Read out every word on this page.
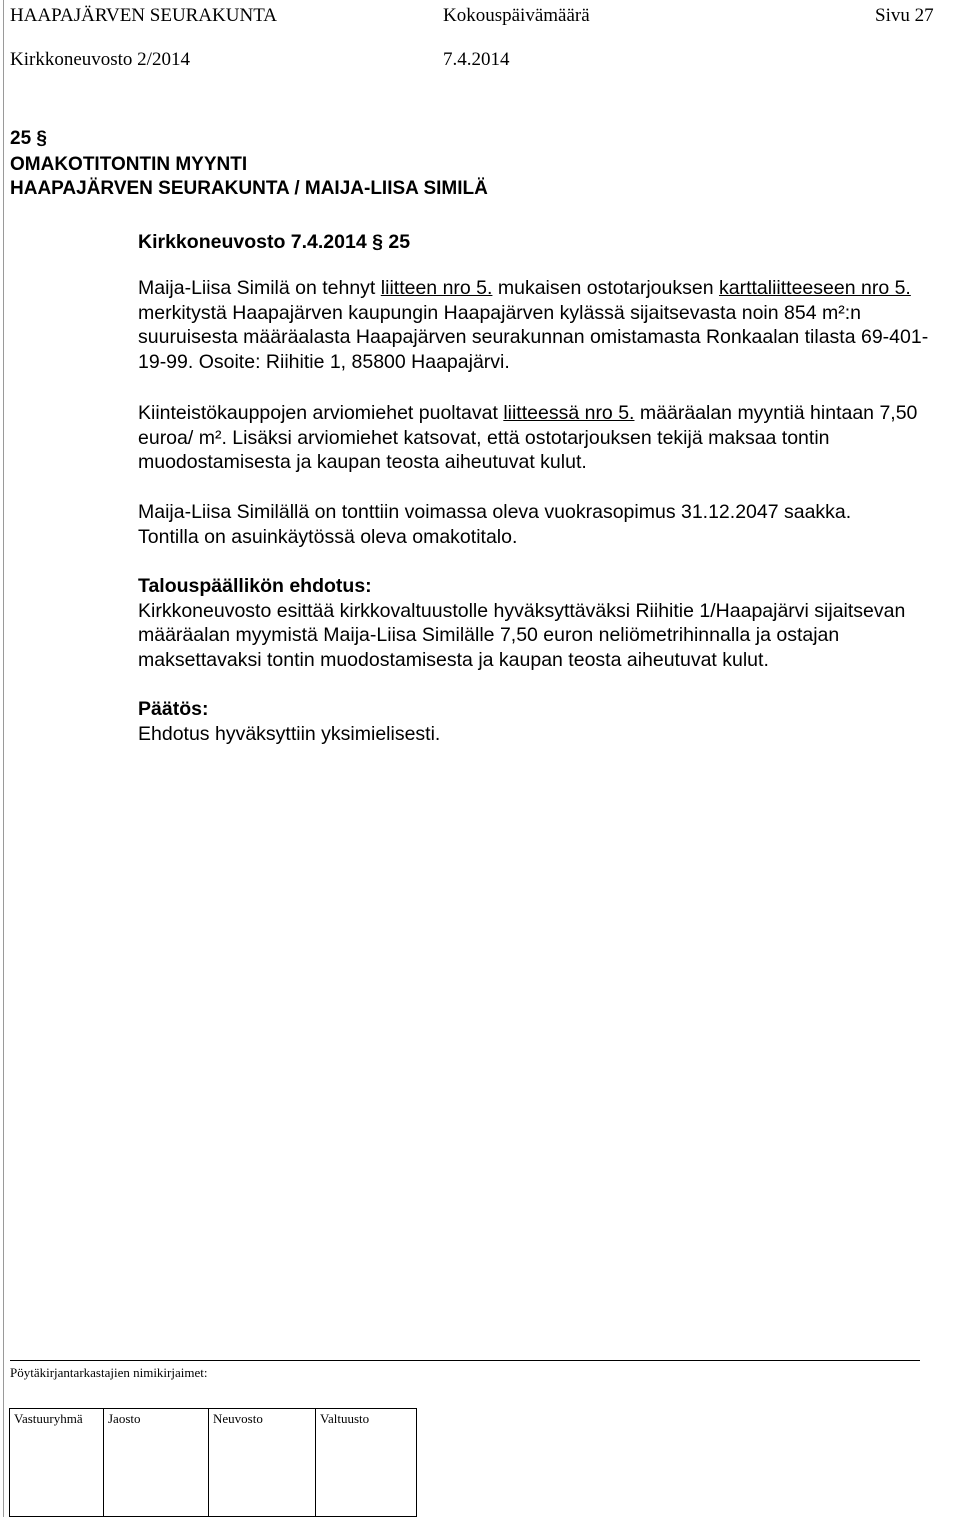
HAAPAJÄRVEN SEURAKUNTA	Kokouspäivämäärä	Sivu 27
Kirkkoneuvosto 2/2014	7.4.2014
25 §
OMAKOTITONTIN MYYNTI
HAAPAJÄRVEN SEURAKUNTA / MAIJA-LIISA SIMILÄ
Kirkkoneuvosto 7.4.2014 § 25

Maija-Liisa Similä on tehnyt liitteen nro 5. mukaisen ostotarjouksen karttaliitteeseen nro 5. merkitystä Haapajärven kaupungin Haapajärven kylässä sijaitsevasta noin 854 m²:n suuruisesta määräalasta Haapajärven seurakunnan omistamasta Ronkaalan tilasta 69-401-19-99. Osoite: Riihitie 1, 85800 Haapajärvi.

Kiinteistökauppojen arviomiehet puoltavat liitteessä nro 5. määräalan myyntiä hintaan 7,50 euroa/ m². Lisäksi arviomiehet katsovat, että ostotarjouksen tekijä maksaa tontin muodostamisesta ja kaupan teosta aiheutuvat kulut.

Maija-Liisa Similällä on tonttiin voimassa oleva vuokrasopimus 31.12.2047 saakka.

Tontilla on asuinkäytössä oleva omakotitalo.

Talouspäällikön ehdotus:

Kirkkoneuvosto esittää kirkkovaltuustolle hyväksyttäväksi Riihitie 1/Haapajärvi sijaitsevan määräalan myymistä Maija-Liisa Similälle 7,50 euron neliömetrihinnalla ja ostajan maksettavaksi tontin muodostamisesta ja kaupan teosta aiheutuvat kulut.

Päätös:

Ehdotus hyväksyttiin yksimielisesti.

Pöytäkirjantarkastajien nimikirjaimet:
Vastuuryhmä	Jaosto	Neuvosto	Valtuusto
